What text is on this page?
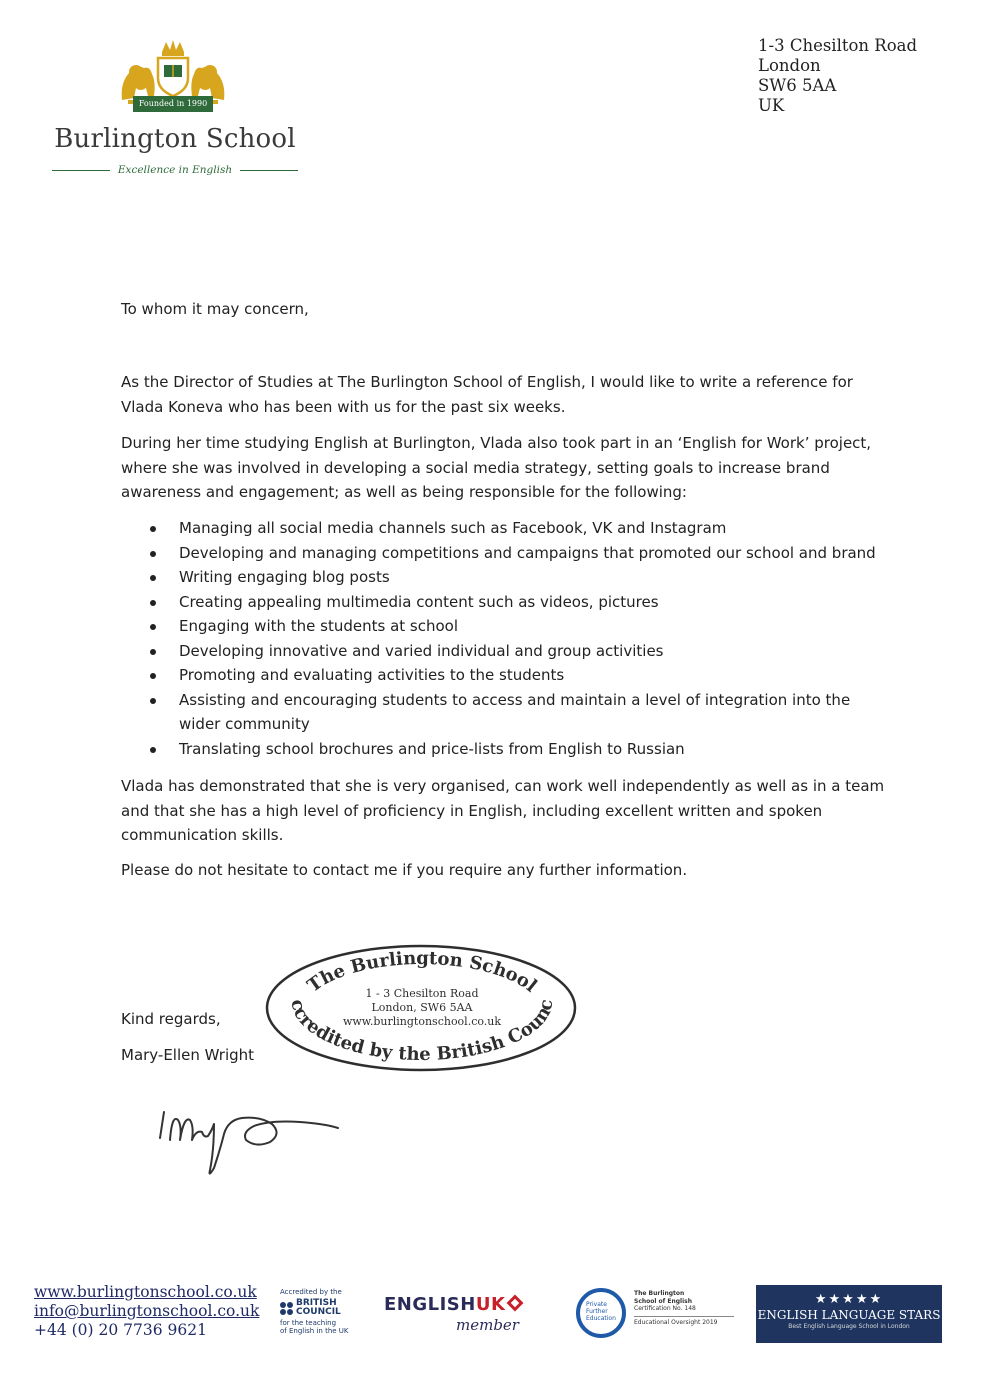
Founded in 1990
Burlington School
Excellence in English
1-3 Chesilton Road
London
SW6 5AA
UK
To whom it may concern,
As the Director of Studies at The Burlington School of English, I would like to write a reference for
Vlada Koneva who has been with us for the past six weeks.
During her time studying English at Burlington, Vlada also took part in an ‘English for Work’ project,
where she was involved in developing a social media strategy, setting goals to increase brand
awareness and engagement; as well as being responsible for the following:
Managing all social media channels such as Facebook, VK and Instagram
Developing and managing competitions and campaigns that promoted our school and brand
Writing engaging blog posts
Creating appealing multimedia content such as videos, pictures
Engaging with the students at school
Developing innovative and varied individual and group activities
Promoting and evaluating activities to the students
Assisting and encouraging students to access and maintain a level of integration into the
wider community
Translating school brochures and price-lists from English to Russian
Vlada has demonstrated that she is very organised, can work well independently as well as in a team
and that she has a high level of proficiency in English, including excellent written and spoken
communication skills.
Please do not hesitate to contact me if you require any further information.
Kind regards,
Mary-Ellen Wright
The Burlington School
ccredited by the British Counc
1 - 3 Chesilton Road
London, SW6 5AA
www.burlingtonschool.co.uk
www.burlingtonschool.co.uk
info@burlingtonschool.co.uk
+44 (0) 20 7736 9621
Accredited by the
BRITISH
COUNCIL
for the teaching
of English in the UK
ENGLISHUK
member
Private
Further
Education
The Burlington
School of English
Certification No. 148
Educational Oversight 2019
★★★★★
ENGLISH LANGUAGE STARS
Best English Language School in London
